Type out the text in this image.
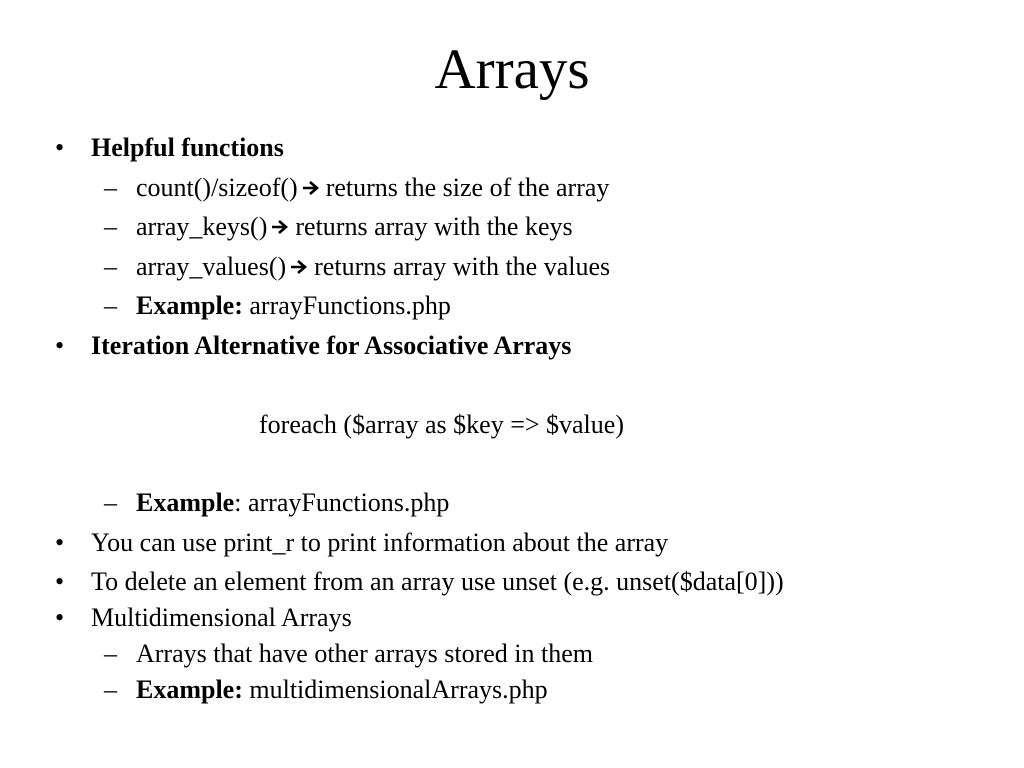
Arrays
• Helpful functions
– count()/sizeof() returns the size of the array
– array_keys() returns array with the keys
– array_values() returns array with the values
– Example: arrayFunctions.php
• Iteration Alternative for Associative Arrays
foreach ($array as $key => $value)
– Example: arrayFunctions.php
• You can use print_r to print information about the array
• To delete an element from an array use unset (e.g. unset($data[0]))
• Multidimensional Arrays
– Arrays that have other arrays stored in them
– Example: multidimensionalArrays.php
